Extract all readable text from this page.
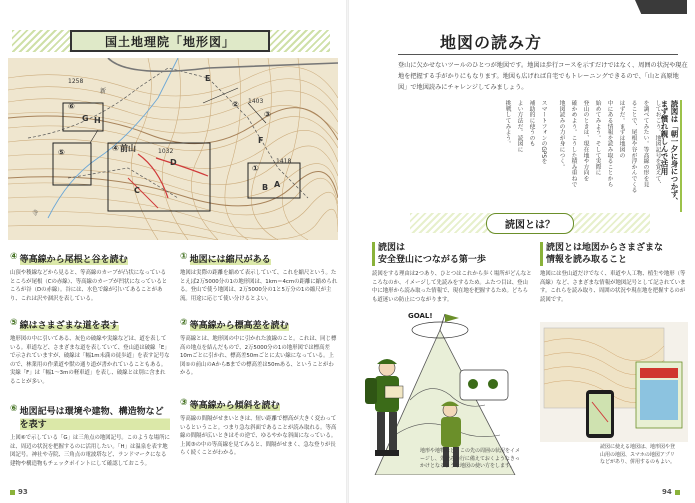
国土地理院「地形図」
⑥
G H
⑤	前山
④
D
C
E
②
F
①
B A
③
1403
1418
1032
1258
新
寺
④ 等高線から尾根と谷を読む
山頂や稜線などから見ると、等高線のカーブが凸状になっているところが尾根（Cの赤線）、等高線のカーブが凹状になっているところが谷（Dの赤線）。谷には、水色で線が引いてあることがあり、これは沢や涸沢を表している。
① 地図には縮尺がある
地図は実際の距離を縮めて表示していて、これを縮尺という。たとえば2万5000分の1の地形図は、1km＝4cmの距離に縮められる。登山で使う地図は、2万5000分の1と5万分の1の縮尺が主流。用途に応じて使い分けるとよい。
⑤ 線はさまざまな道を表す
地形図の中に引いてある、灰色の破線や実線などは、道を表している。車道など、さまざまな道を表していて、登山道は破線「E」で示されていますが、破線は「幅1m未満の徒歩道」を表す記号なので、林業用の作業道や獣の通り道が書かれていることもある。実線「F」は「幅1〜3mの軽車道」を表し、破線とは別に含まれることが多い。
② 等高線から標高差を読む
等高線とは、地形図の中に引かれた波線のこと。これは、同じ標高の地点を結んだもので、2万5000分の1の地形図では標高差10mごとに引かれ、標高差50mごとに太い線になっている。上図①の前山のAからBまでの標高差は50mある、ということがわかる。
⑥ 地図記号は環境や建物、構造物などを表す
上図⑥で示している「G」は三角点の地図記号。このような場所には、周辺の状況を把握するのに活用したい。「H」は温泉を表す地図記号。神社や寺院、三角点の電波塔など、ランドマークになる建物や構造物もチェックポイントにして確認しておこう。
③ 等高線から傾斜を読む
等高線の間隔がせまいときは、短い距離で標高が大きく変わっているということ。つまり急な斜面であることが読み取れる。等高線の間隔が広いときはその逆で、ゆるやかな斜面になっている。上図③の中の等高線を見てみると、間隔がせまく、急な登りが長らく続くことがわかる。
93
地図の読み方
登山に欠かせないツールのひとつが地図です。地図は歩行コースを示すだけではなく、周囲の状況や現在地を把握する手がかりにもなります。地図も広げれば自宅でもトレーニングできるので、「山と高原地図」で地図読みにチャレンジしてみましょう。
読図は「朝一夕に身につかず、まず慣れ親しんで活用
しておこう。地図記号を覚えて、
を調べてみたい。等高線の形を見
ることで、尾根や谷が浮かんでくる
はずだ。まずは地図の
中にある情報を読み取ることから
始めてみよう。そして実際に
登山のときは、現在地や方向を
確かめよう。こうした積み重ねで
地図読みの力が身につく。
スマートフォンのGPSを
補助的に使うのも
よい方法だ。読図に
挑戦してみよう。
読図とは？
読図は
安全登山につながる第一歩
読図をする理由は2つあり、ひとつはこれから歩く場所がどんなところなのか、イメージして先読みをするため。ふたつ目は、登山中に地形から読み取った情報で、現在地を把握するため。どちらも道迷いの防止につながります。
読図とは地図からさまざまな
情報を読み取ること
地図には登山道だけでなく、車道や人工物、植生や地形（等高線）など、さまざまな情報が地図記号として記されています。これらを読み取り、周囲の状況や現在地を把握するのが読図です。
GOAL!
地形や地物など、この先の周囲の状況をイメージし、先読み歩行に備えておくようなきっかけとなるような地図の使い方をします。
読図に使える地図は、地形図や登山用の地図、スマホの地図アプリなどがあり、併用するのもよい。
94
